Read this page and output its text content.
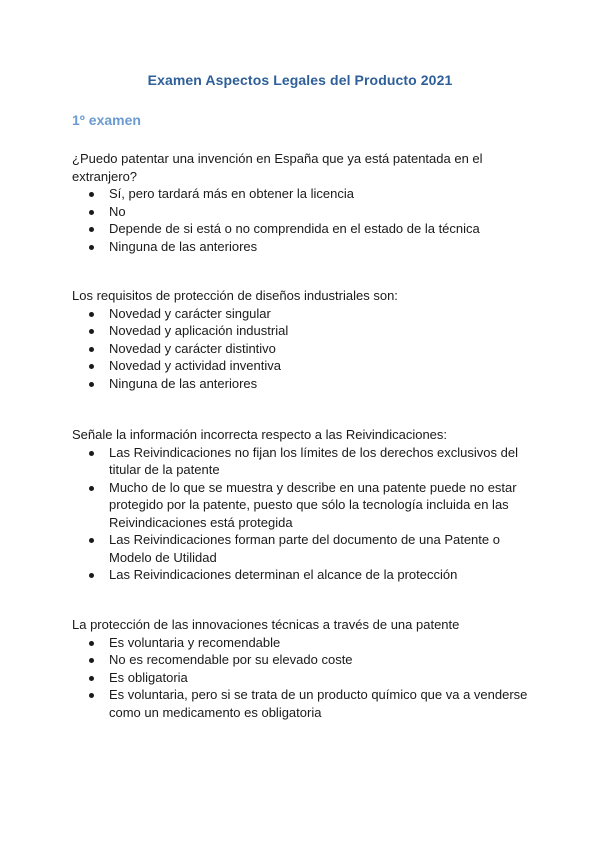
Examen Aspectos Legales del Producto 2021
1º examen

¿Puedo patentar una invención en España que ya está patentada en el extranjero?

Sí, pero tardará más en obtener la licencia
No
Depende de si está o no comprendida en el estado de la técnica
Ninguna de las anteriores

Los requisitos de protección de diseños industriales son:

Novedad y carácter singular
Novedad y aplicación industrial
Novedad y carácter distintivo
Novedad y actividad inventiva
Ninguna de las anteriores

Señale la información incorrecta respecto a las Reivindicaciones:

Las Reivindicaciones no fijan los límites de los derechos exclusivos del titular de la patente
Mucho de lo que se muestra y describe en una patente puede no estar protegido por la patente, puesto que sólo la tecnología incluida en las Reivindicaciones está protegida
Las Reivindicaciones forman parte del documento de una Patente o Modelo de Utilidad
Las Reivindicaciones determinan el alcance de la protección

La protección de las innovaciones técnicas a través de una patente

Es voluntaria y recomendable
No es recomendable por su elevado coste
Es obligatoria
Es voluntaria, pero si se trata de un producto químico que va a venderse como un medicamento es obligatoria
